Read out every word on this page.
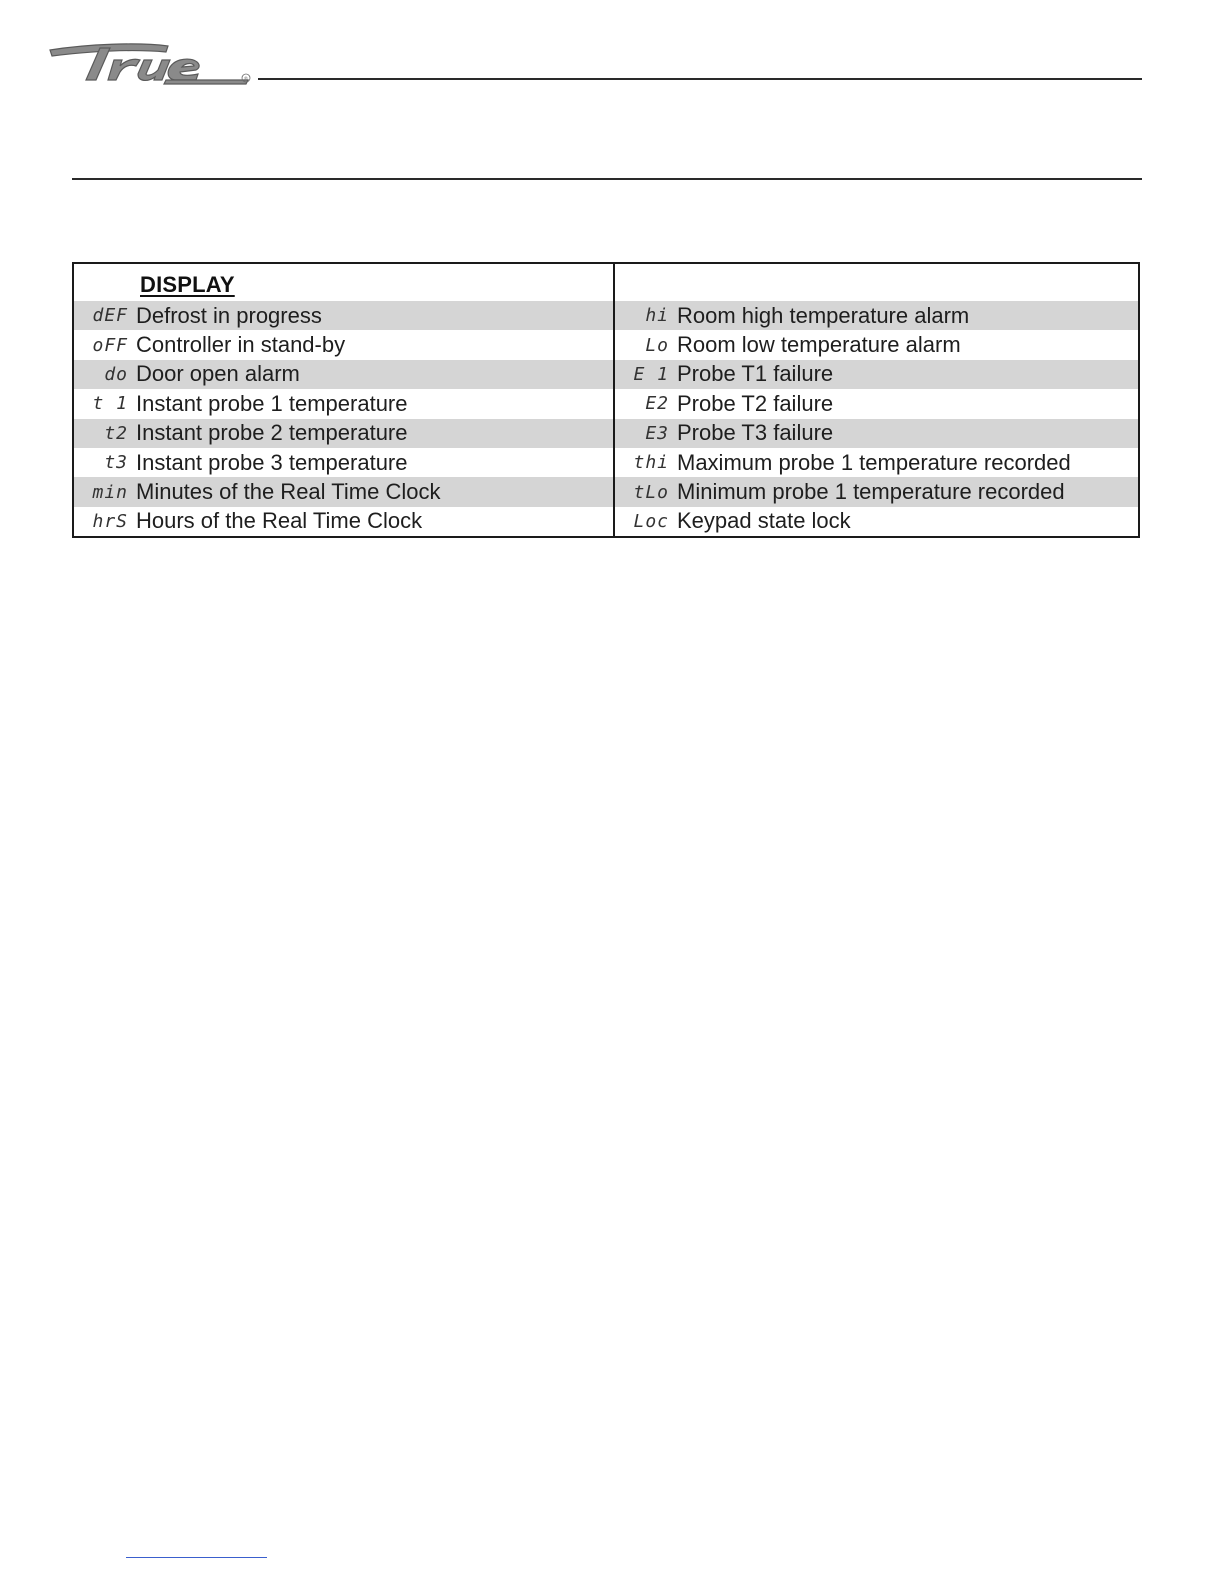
®
DISPLAY
dEF Defrost in progress
oFF Controller in stand-by
do Door open alarm
t 1 Instant probe 1 temperature
t2 Instant probe 2 temperature
t3 Instant probe 3 temperature
min Minutes of the Real Time Clock
hrS Hours of the Real Time Clock
hi Room high temperature alarm
Lo Room low temperature alarm
E 1 Probe T1 failure
E2 Probe T2 failure
E3 Probe T3 failure
thi Maximum probe 1 temperature recorded
tLo Minimum probe 1 temperature recorded
Loc Keypad state lock
